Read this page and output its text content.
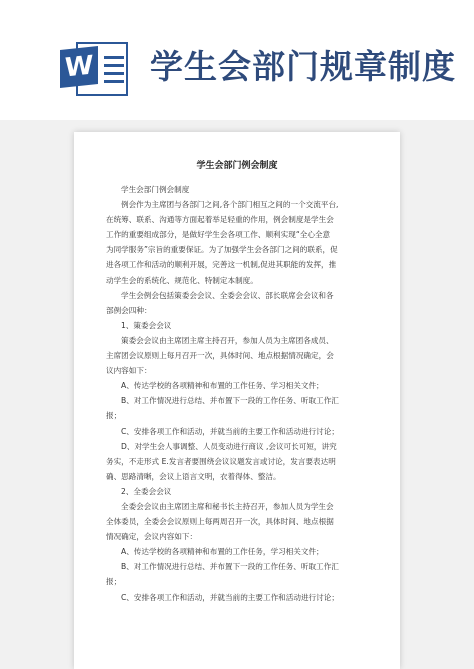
W 学生会部门规章制度
学生会部门例会制度
学生会部门例会制度
例会作为主席团与各部门之间,各个部门相互之间的一个交流平台,
在统筹、联系、沟通等方面起着举足轻重的作用，例会制度是学生会
工作的重要组成部分，是做好学生会各项工作、顺利实现“全心全意
为同学服务”宗旨的重要保证。为了加强学生会各部门之间的联系，促
进各项工作和活动的顺利开展，完善这一机制,促进其职能的发挥，推
动学生会的系统化、规范化、特制定本制度。
学生会例会包括策委会会议、全委会会议、部长联席会会议和各
部例会四种：
1、策委会会议
策委会会议由主席团主席主持召开，参加人员为主席团各成员、
主席团会议原则上每月召开一次，具体时间、地点根据情况确定，会
议内容如下：
A、传达学校的各项精神和布置的工作任务、学习相关文件；
B、对工作情况进行总结、并布置下一段的工作任务、听取工作汇
报；
C、安排各项工作和活动，并就当前的主要工作和活动进行讨论；
D、对学生会人事调整、人员变动进行商议 ,会议可长可短，讲究
务实，不走形式 E.发言者要围绕会议议题发言或讨论，发言要表达明
确、思路清晰，会议上语言文明，衣着得体、整洁。
2、全委会会议
全委会会议由主席团主席和秘书长主持召开，参加人员为学生会
全体委员，全委会会议原则上每两周召开一次，具体时间、地点根据
情况确定，会议内容如下：
A、传达学校的各项精神和布置的工作任务，学习相关文件；
B、对工作情况进行总结、并布置下一段的工作任务、听取工作汇
报；
C、安排各项工作和活动，并就当前的主要工作和活动进行讨论；
